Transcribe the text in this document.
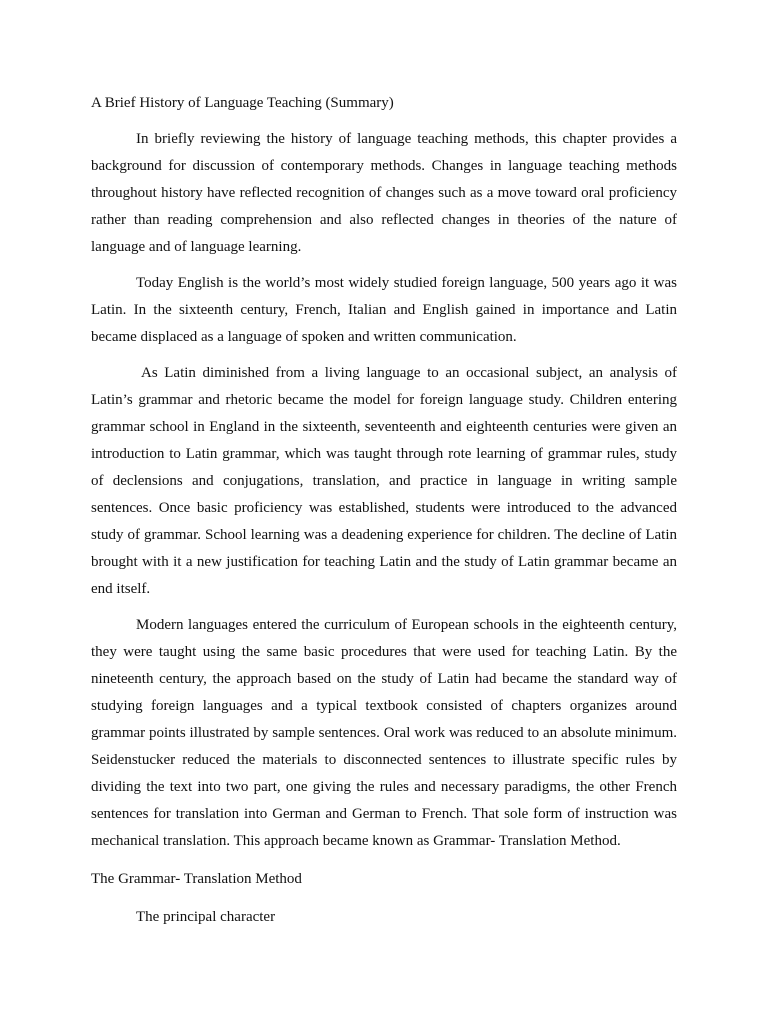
A Brief History of Language Teaching (Summary)

In briefly reviewing the history of language teaching methods, this chapter provides a background for discussion of contemporary methods. Changes in language teaching methods throughout history have reflected recognition of changes such as a move toward oral proficiency rather than reading comprehension and also reflected changes in theories of the nature of language and of language learning.

Today English is the world’s most widely studied foreign language, 500 years ago it was Latin. In the sixteenth century, French, Italian and English gained in importance and Latin became displaced as a language of spoken and written communication.

As Latin diminished from a living language to an occasional subject, an analysis of Latin’s grammar and rhetoric became the model for foreign language study. Children entering grammar school in England in the sixteenth, seventeenth and eighteenth centuries were given an introduction to Latin grammar, which was taught through rote learning of grammar rules, study of declensions and conjugations, translation, and practice in language in writing sample sentences. Once basic proficiency was established, students were introduced to the advanced study of grammar. School learning was a deadening experience for children. The decline of Latin brought with it a new justification for teaching Latin and the study of Latin grammar became an end itself.

Modern languages entered the curriculum of European schools in the eighteenth century, they were taught using the same basic procedures that were used for teaching Latin. By the nineteenth century, the approach based on the study of Latin had became the standard way of studying foreign languages and a typical textbook consisted of chapters organizes around grammar points illustrated by sample sentences. Oral work was reduced to an absolute minimum. Seidenstucker reduced the materials to disconnected sentences to illustrate specific rules by dividing the text into two part, one giving the rules and necessary paradigms, the other French sentences for translation into German and German to French. That sole form of instruction was mechanical translation. This approach became known as Grammar- Translation Method.

The Grammar- Translation Method
The principal character
